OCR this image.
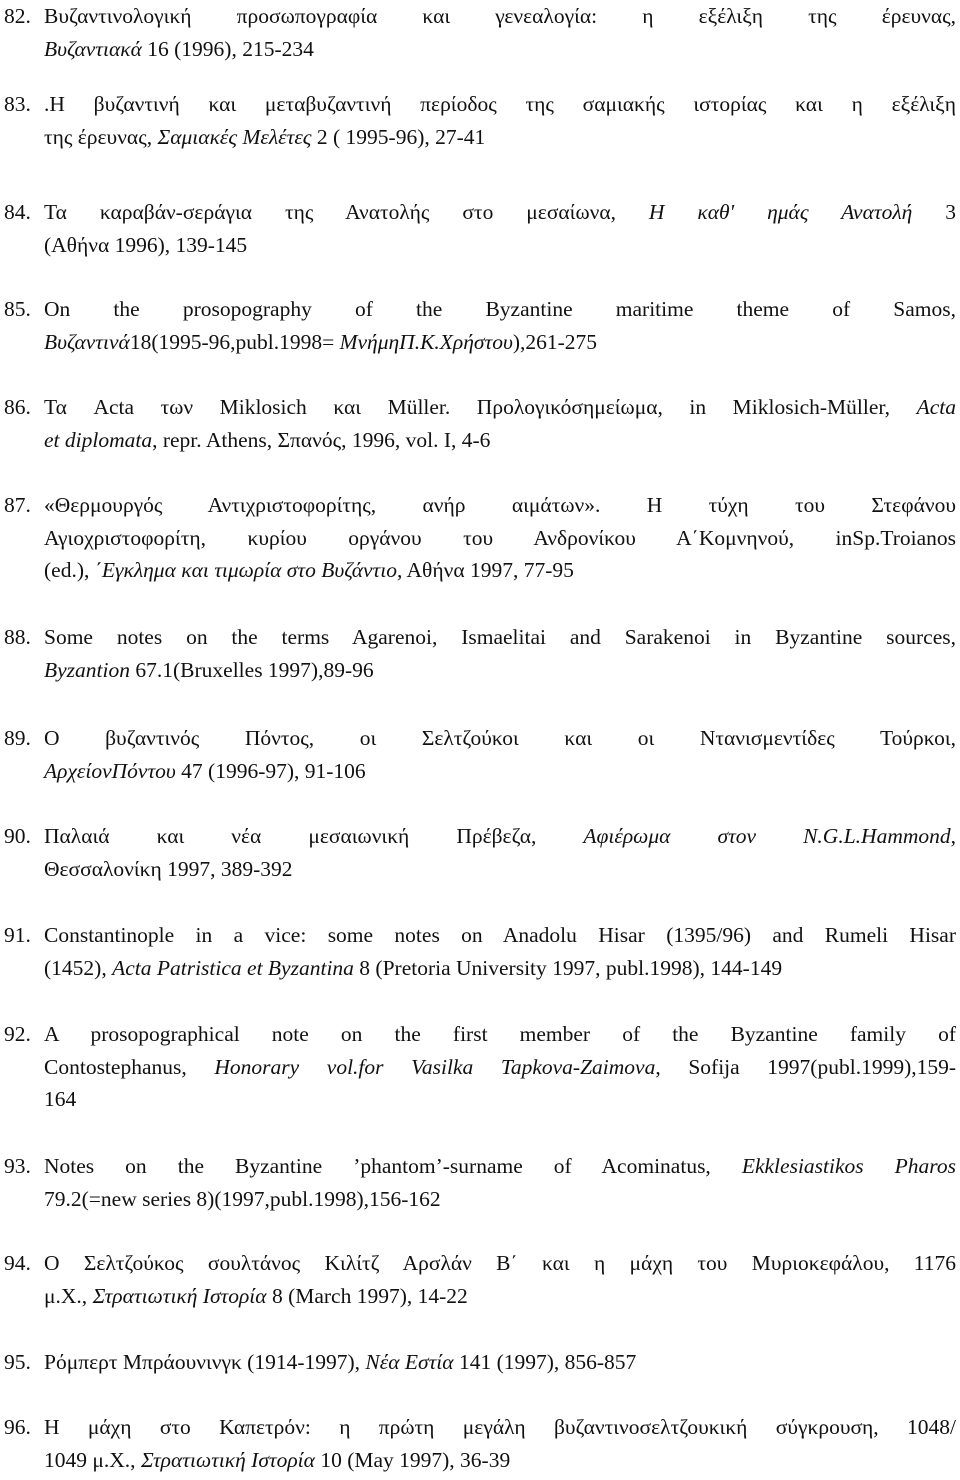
82. Βυζαντινολογική προσωπογραφία και γενεαλογία: η εξέλιξη της έρευνας,
Βυζαντιακά 16 (1996), 215-234
83. .Η βυζαντινή και μεταβυζαντινή περίοδος της σαμιακής ιστορίας και η εξέλιξη
της έρευνας, Σαμιακές Μελέτες 2 ( 1995-96), 27-41
84. Τα καραβάν-σεράγια της Ανατολής στο μεσαίωνα, Η καθ' ημάς Ανατολή 3
(Αθήνα 1996), 139-145
85. On the prosopography of the Byzantine maritime theme of Samos,
Βυζαντινά18(1995-96,publ.1998= ΜνήμηΠ.Κ.Χρήστου),261-275
86. Τα Acta των Miklosich και Müller. Προλογικόσημείωμα, in Miklosich-Müller, Acta
et diplomata, repr. Athens, Σπανός, 1996, vol. I, 4-6
87. «Θερμουργός Αντιχριστοφορίτης, ανήρ αιμάτων». Η τύχη του Στεφάνου
Αγιοχριστοφορίτη, κυρίου οργάνου του Ανδρονίκου Α΄Κομνηνού, inSp.Troianos
(ed.), ΄Εγκλημα και τιμωρία στο Βυζάντιο, Αθήνα 1997, 77-95
88. Some notes on the terms Agarenoi, Ismaelitai and Sarakenoi in Byzantine sources,
Byzantion 67.1(Bruxelles 1997),89-96
89. Ο βυζαντινός Πόντος, οι Σελτζούκοι και οι Ντανισμεντίδες Τούρκοι,
ΑρχείονΠόντου 47 (1996-97), 91-106
90. Παλαιά και νέα μεσαιωνική Πρέβεζα, Αφιέρωμα στον N.G.L.Hammond,
Θεσσαλονίκη 1997, 389-392
91. Constantinople in a vice: some notes on Anadolu Hisar (1395/96) and Rumeli Hisar
(1452), Acta Patristica et Byzantina 8 (Pretoria University 1997, publ.1998), 144-149
92. A prosopographical note on the first member of the Byzantine family of
Contostephanus, Honorary vol.for Vasilka Tapkova-Zaimova, Sofija 1997(publ.1999),159-
164
93. Notes on the Byzantine ’phantom’-surname of Acominatus, Ekklesiastikos Pharos
79.2(=new series 8)(1997,publ.1998),156-162
94. Ο Σελτζούκος σουλτάνος Κιλίτζ Αρσλάν Β΄ και η μάχη του Μυριοκεφάλου, 1176
μ.Χ., Στρατιωτική Ιστορία 8 (March 1997), 14-22
95. Ρόμπερτ Μπράουνινγκ (1914-1997), Νέα Εστία 141 (1997), 856-857
96. Η μάχη στο Καπετρόν: η πρώτη μεγάλη βυζαντινοσελτζουκική σύγκρουση, 1048/
1049 μ.Χ., Στρατιωτική Ιστορία 10 (May 1997), 36-39
